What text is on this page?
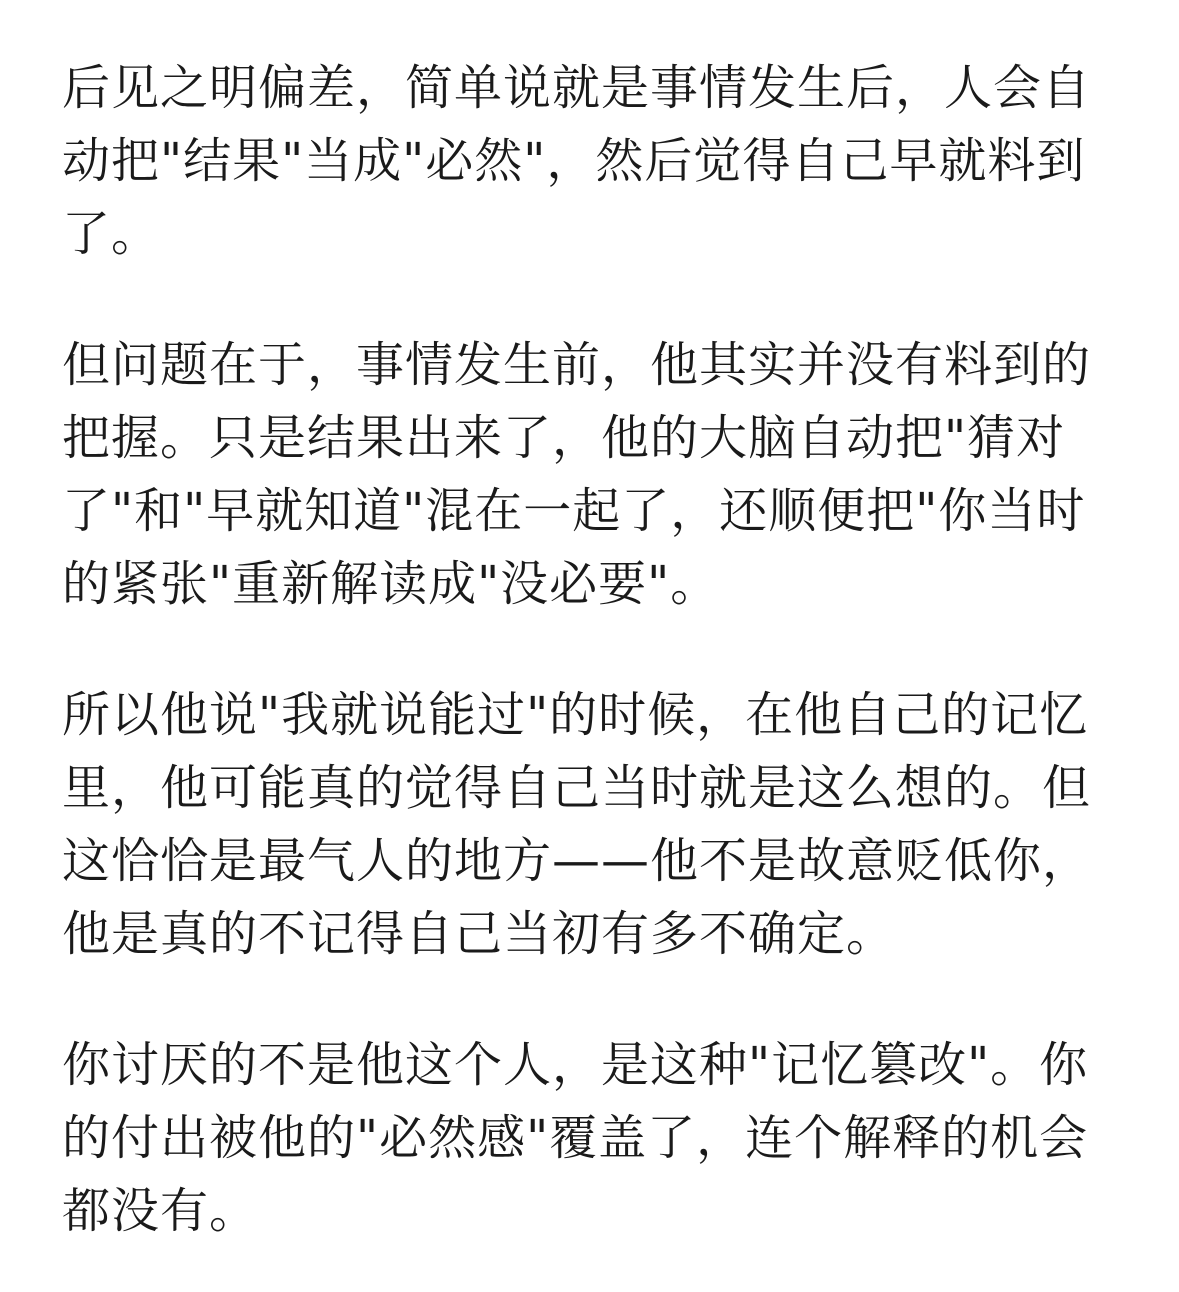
后见之明偏差，简单说就是事情发生后，人会自
动把"结果"当成"必然"，然后觉得自己早就料到
了。

但问题在于，事情发生前，他其实并没有料到的
把握。只是结果出来了，他的大脑自动把"猜对
了"和"早就知道"混在一起了，还顺便把"你当时
的紧张"重新解读成"没必要"。

所以他说"我就说能过"的时候，在他自己的记忆
里，他可能真的觉得自己当时就是这么想的。但
这恰恰是最气人的地方——他不是故意贬低你，
他是真的不记得自己当初有多不确定。

你讨厌的不是他这个人，是这种"记忆篡改"。你
的付出被他的"必然感"覆盖了，连个解释的机会
都没有。
